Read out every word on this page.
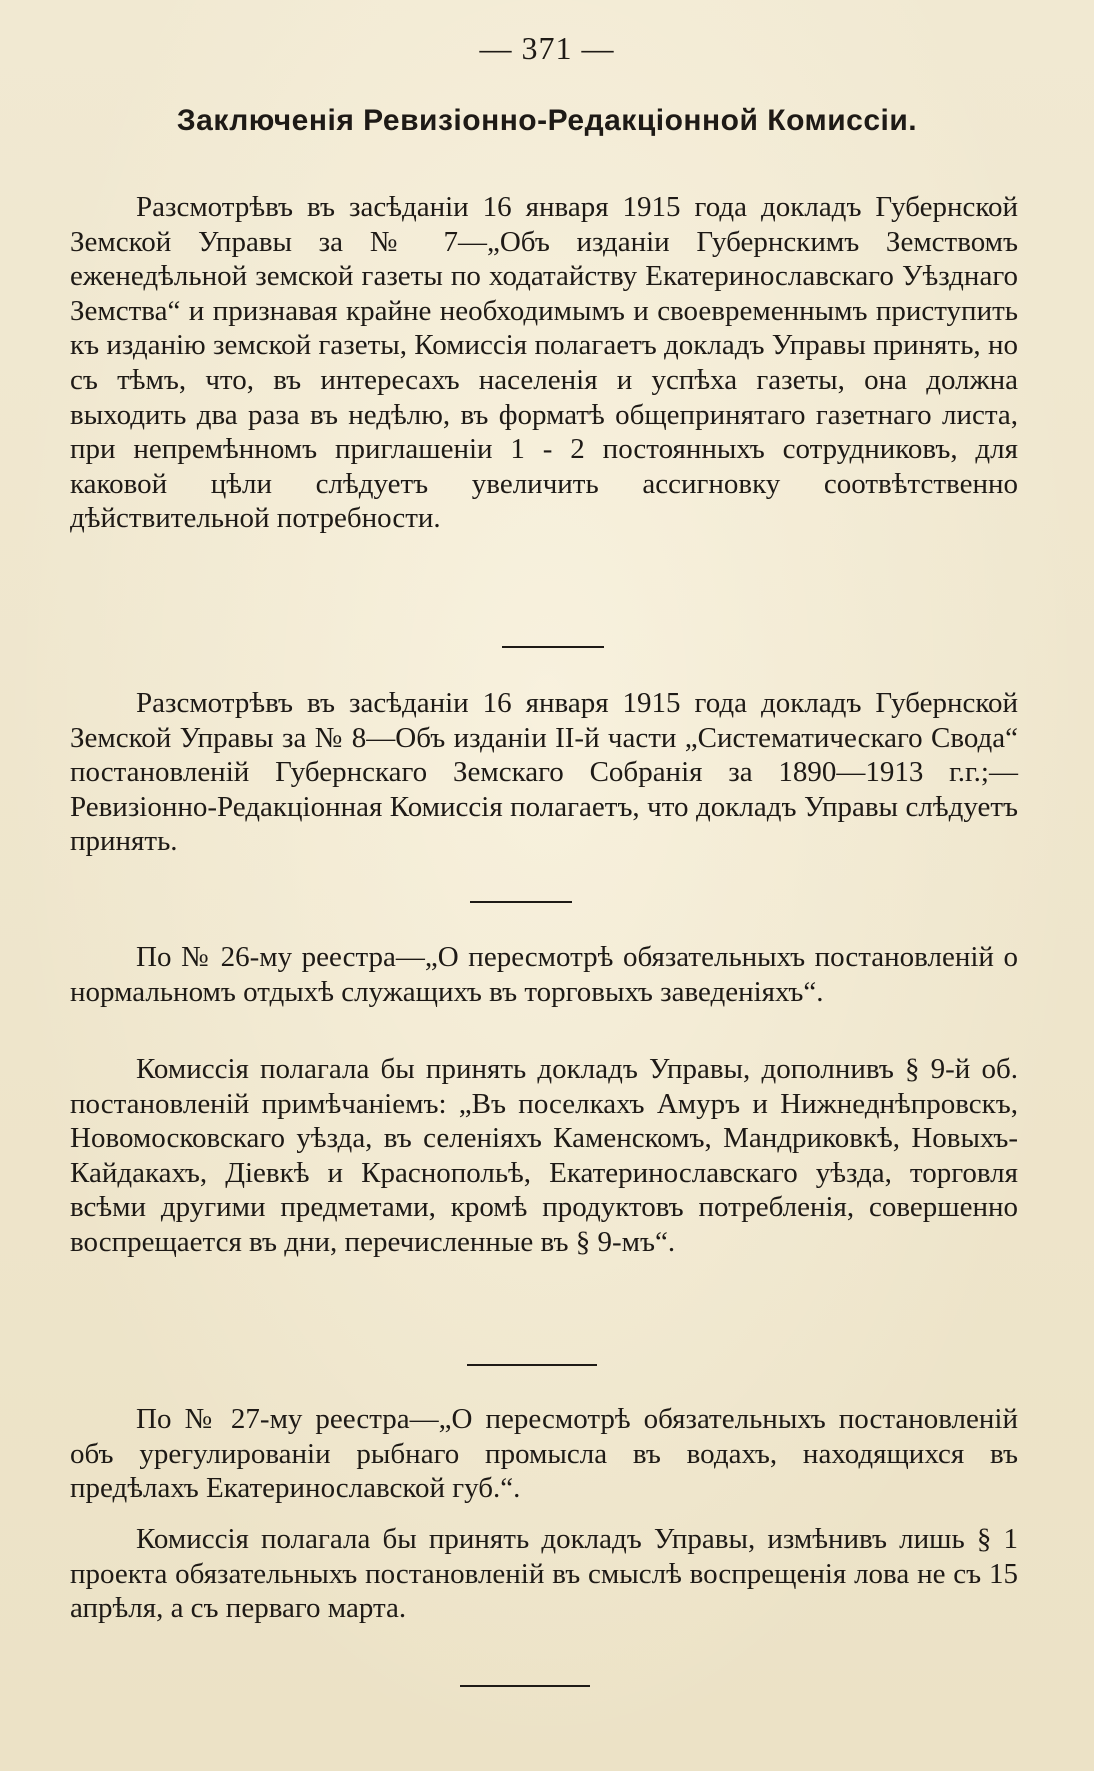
— 371 —
Заключенія Ревизіонно-Редакціонной Комиссіи.

Разсмотрѣвъ въ засѣданіи 16 января 1915 года докладъ Губернской Земской Управы за № 7—„Объ изданіи Губернскимъ Земствомъ еженедѣльной земской газеты по ходатайству Екатеринославскаго Уѣзднаго Земства“ и признавая крайне необходимымъ и своевременнымъ приступить къ изданію земской газеты, Комиссія полагаетъ докладъ Управы принять, но съ тѣмъ, что, въ интересахъ населенія и успѣха газеты, она должна выходить два раза въ недѣлю, въ форматѣ общепринятаго газетнаго листа, при непремѣнномъ приглашеніи 1 - 2 постоянныхъ сотрудниковъ, для каковой цѣли слѣдуетъ увеличить ассигновку соотвѣтственно дѣйствительной потребности.

Разсмотрѣвъ въ засѣданіи 16 января 1915 года докладъ Губернской Земской Управы за № 8—Объ изданіи II-й части „Систематическаго Свода“ постановленій Губернскаго Земскаго Собранія за 1890—1913 г.г.;—Ревизіонно-Редакціонная Комиссія полагаетъ, что докладъ Управы слѣдуетъ принять.

По № 26-му реестра—„О пересмотрѣ обязательныхъ постановленій о нормальномъ отдыхѣ служащихъ въ торговыхъ заведеніяхъ“.

Комиссія полагала бы принять докладъ Управы, дополнивъ § 9-й об. постановленій примѣчаніемъ: „Въ поселкахъ Амуръ и Нижнеднѣпровскъ, Новомосковскаго уѣзда, въ селеніяхъ Каменскомъ, Мандриковкѣ, Новыхъ-Кайдакахъ, Діевкѣ и Краснопольѣ, Екатеринославскаго уѣзда, торговля всѣми другими предметами, кромѣ продуктовъ потребленія, совершенно воспрещается въ дни, перечисленные въ § 9-мъ“.

По № 27-му реестра—„О пересмотрѣ обязательныхъ постановленій объ урегулированіи рыбнаго промысла въ водахъ, находящихся въ предѣлахъ Екатеринославской губ.“.

Комиссія полагала бы принять докладъ Управы, измѣнивъ лишь § 1 проекта обязательныхъ постановленій въ смыслѣ воспрещенія лова не съ 15 апрѣля, а съ перваго марта.
